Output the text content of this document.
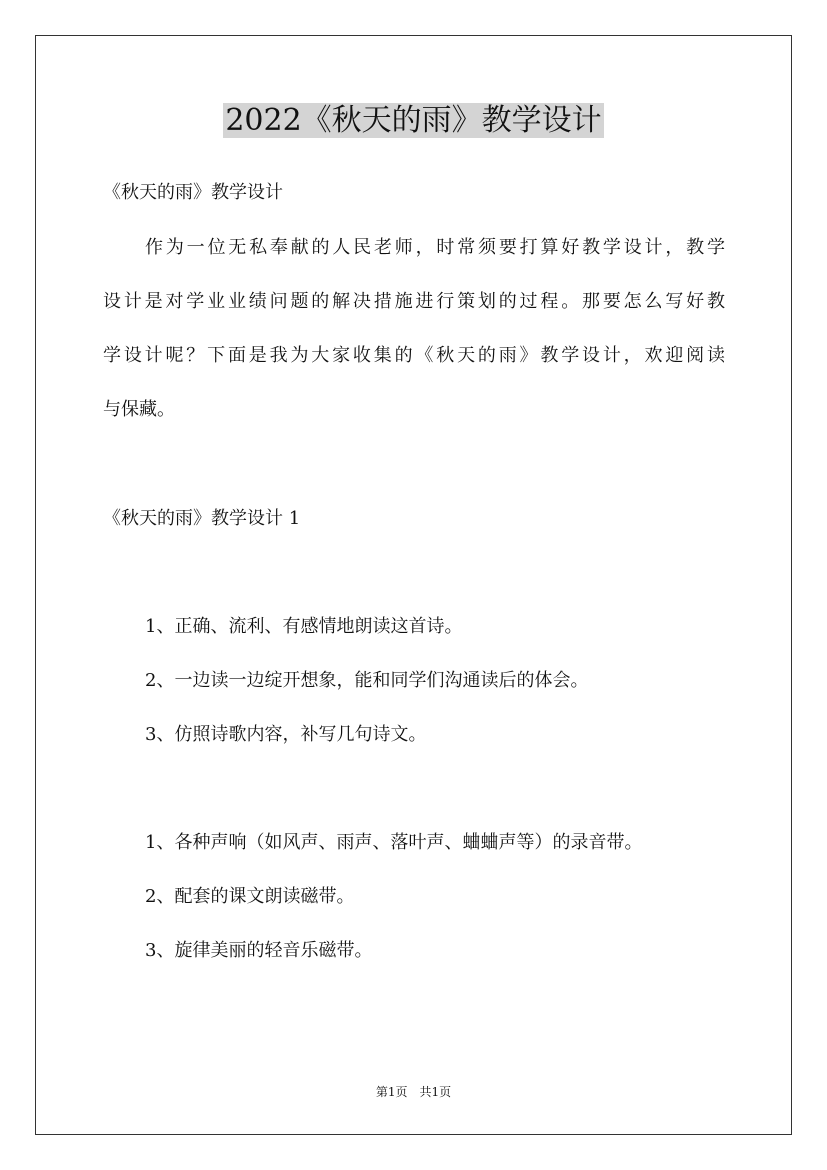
2022《秋天的雨》教学设计

《秋天的雨》教学设计

作为一位无私奉献的人民老师，时常须要打算好教学设计，教学

设计是对学业业绩问题的解决措施进行策划的过程。那要怎么写好教

学设计呢？下面是我为大家收集的《秋天的雨》教学设计，欢迎阅读

与保藏。

《秋天的雨》教学设计 1

1、正确、流利、有感情地朗读这首诗。

2、一边读一边绽开想象，能和同学们沟通读后的体会。

3、仿照诗歌内容，补写几句诗文。

1、各种声响（如风声、雨声、落叶声、蛐蛐声等）的录音带。

2、配套的课文朗读磁带。

3、旋律美丽的轻音乐磁带。

第1页　共1页
